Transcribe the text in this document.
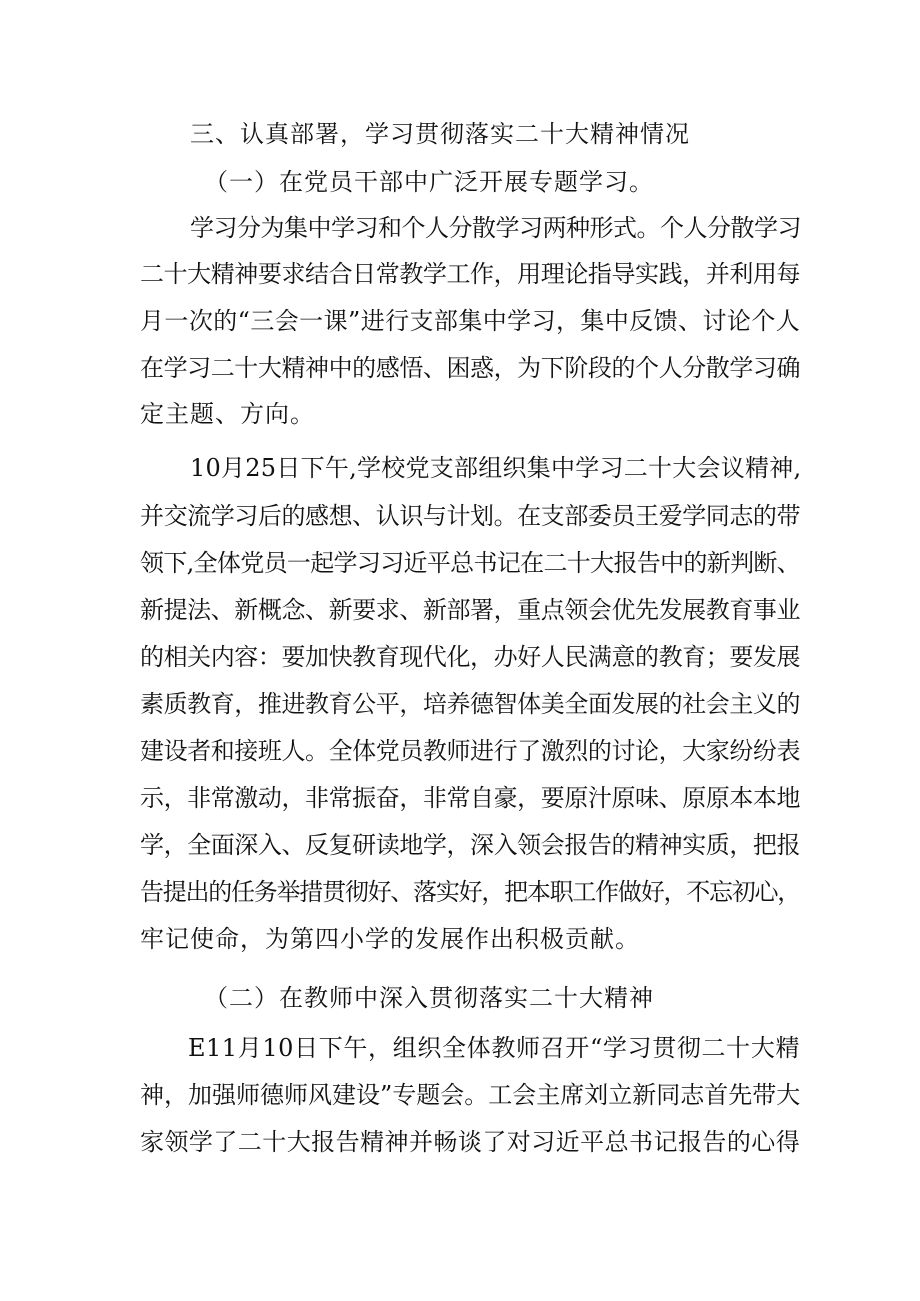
三、认真部署，学习贯彻落实二十大精神情况
（一）在党员干部中广泛开展专题学习。
学习分为集中学习和个人分散学习两种形式。个人分散学习
二十大精神要求结合日常教学工作，用理论指导实践，并利用每
月一次的“三会一课”进行支部集中学习，集中反馈、讨论个人
在学习二十大精神中的感悟、困惑，为下阶段的个人分散学习确
定主题、方向。
10月25日下午,学校党支部组织集中学习二十大会议精神,
并交流学习后的感想、认识与计划。在支部委员王爱学同志的带
领下,全体党员一起学习习近平总书记在二十大报告中的新判断、
新提法、新概念、新要求、新部署，重点领会优先发展教育事业
的相关内容：要加快教育现代化，办好人民满意的教育；要发展
素质教育，推进教育公平，培养德智体美全面发展的社会主义的
建设者和接班人。全体党员教师进行了激烈的讨论，大家纷纷表
示，非常激动，非常振奋，非常自豪，要原汁原味、原原本本地
学，全面深入、反复研读地学，深入领会报告的精神实质，把报
告提出的任务举措贯彻好、落实好，把本职工作做好，不忘初心，
牢记使命，为第四小学的发展作出积极贡献。
（二）在教师中深入贯彻落实二十大精神
E11月10日下午，组织全体教师召开“学习贯彻二十大精
神，加强师德师风建设”专题会。工会主席刘立新同志首先带大
家领学了二十大报告精神并畅谈了对习近平总书记报告的心得
